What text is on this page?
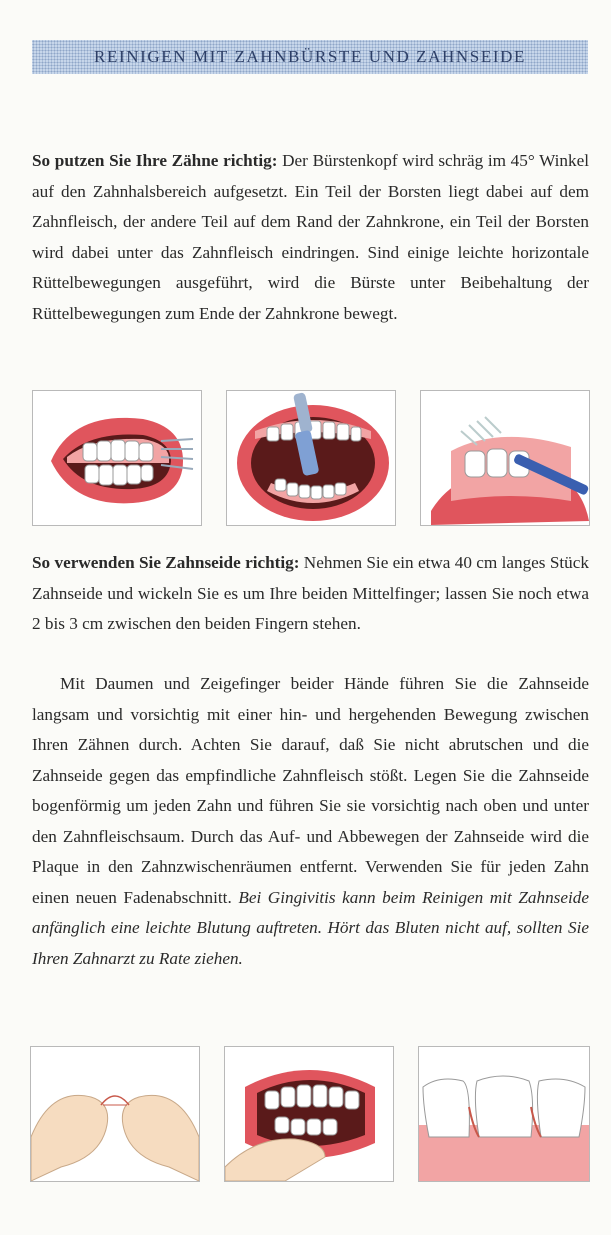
REINIGEN MIT ZAHNBÜRSTE UND ZAHNSEIDE

So putzen Sie Ihre Zähne richtig: Der Bürstenkopf wird schräg im 45° Winkel auf den Zahnhalsbereich aufgesetzt. Ein Teil der Borsten liegt dabei auf dem Zahnfleisch, der andere Teil auf dem Rand der Zahnkrone, ein Teil der Borsten wird dabei unter das Zahnfleisch eindringen. Sind einige leichte horizontale Rüttelbewegungen ausgeführt, wird die Bürste unter Beibehaltung der Rüttelbewegungen zum Ende der Zahnkrone bewegt.

So verwenden Sie Zahnseide richtig: Nehmen Sie ein etwa 40 cm langes Stück Zahnseide und wickeln Sie es um Ihre beiden Mittelfinger; lassen Sie noch etwa 2 bis 3 cm zwischen den beiden Fingern stehen.

Mit Daumen und Zeigefinger beider Hände führen Sie die Zahnseide langsam und vorsichtig mit einer hin- und hergehenden Bewegung zwischen Ihren Zähnen durch. Achten Sie darauf, daß Sie nicht abrutschen und die Zahnseide gegen das empfindliche Zahnfleisch stößt. Legen Sie die Zahnseide bogenförmig um jeden Zahn und führen Sie sie vorsichtig nach oben und unter den Zahnfleischsaum. Durch das Auf- und Abbewegen der Zahnseide wird die Plaque in den Zahnzwischenräumen entfernt. Verwenden Sie für jeden Zahn einen neuen Fadenabschnitt. Bei Gingivitis kann beim Reinigen mit Zahnseide anfänglich eine leichte Blutung auftreten. Hört das Bluten nicht auf, sollten Sie Ihren Zahnarzt zu Rate ziehen.
